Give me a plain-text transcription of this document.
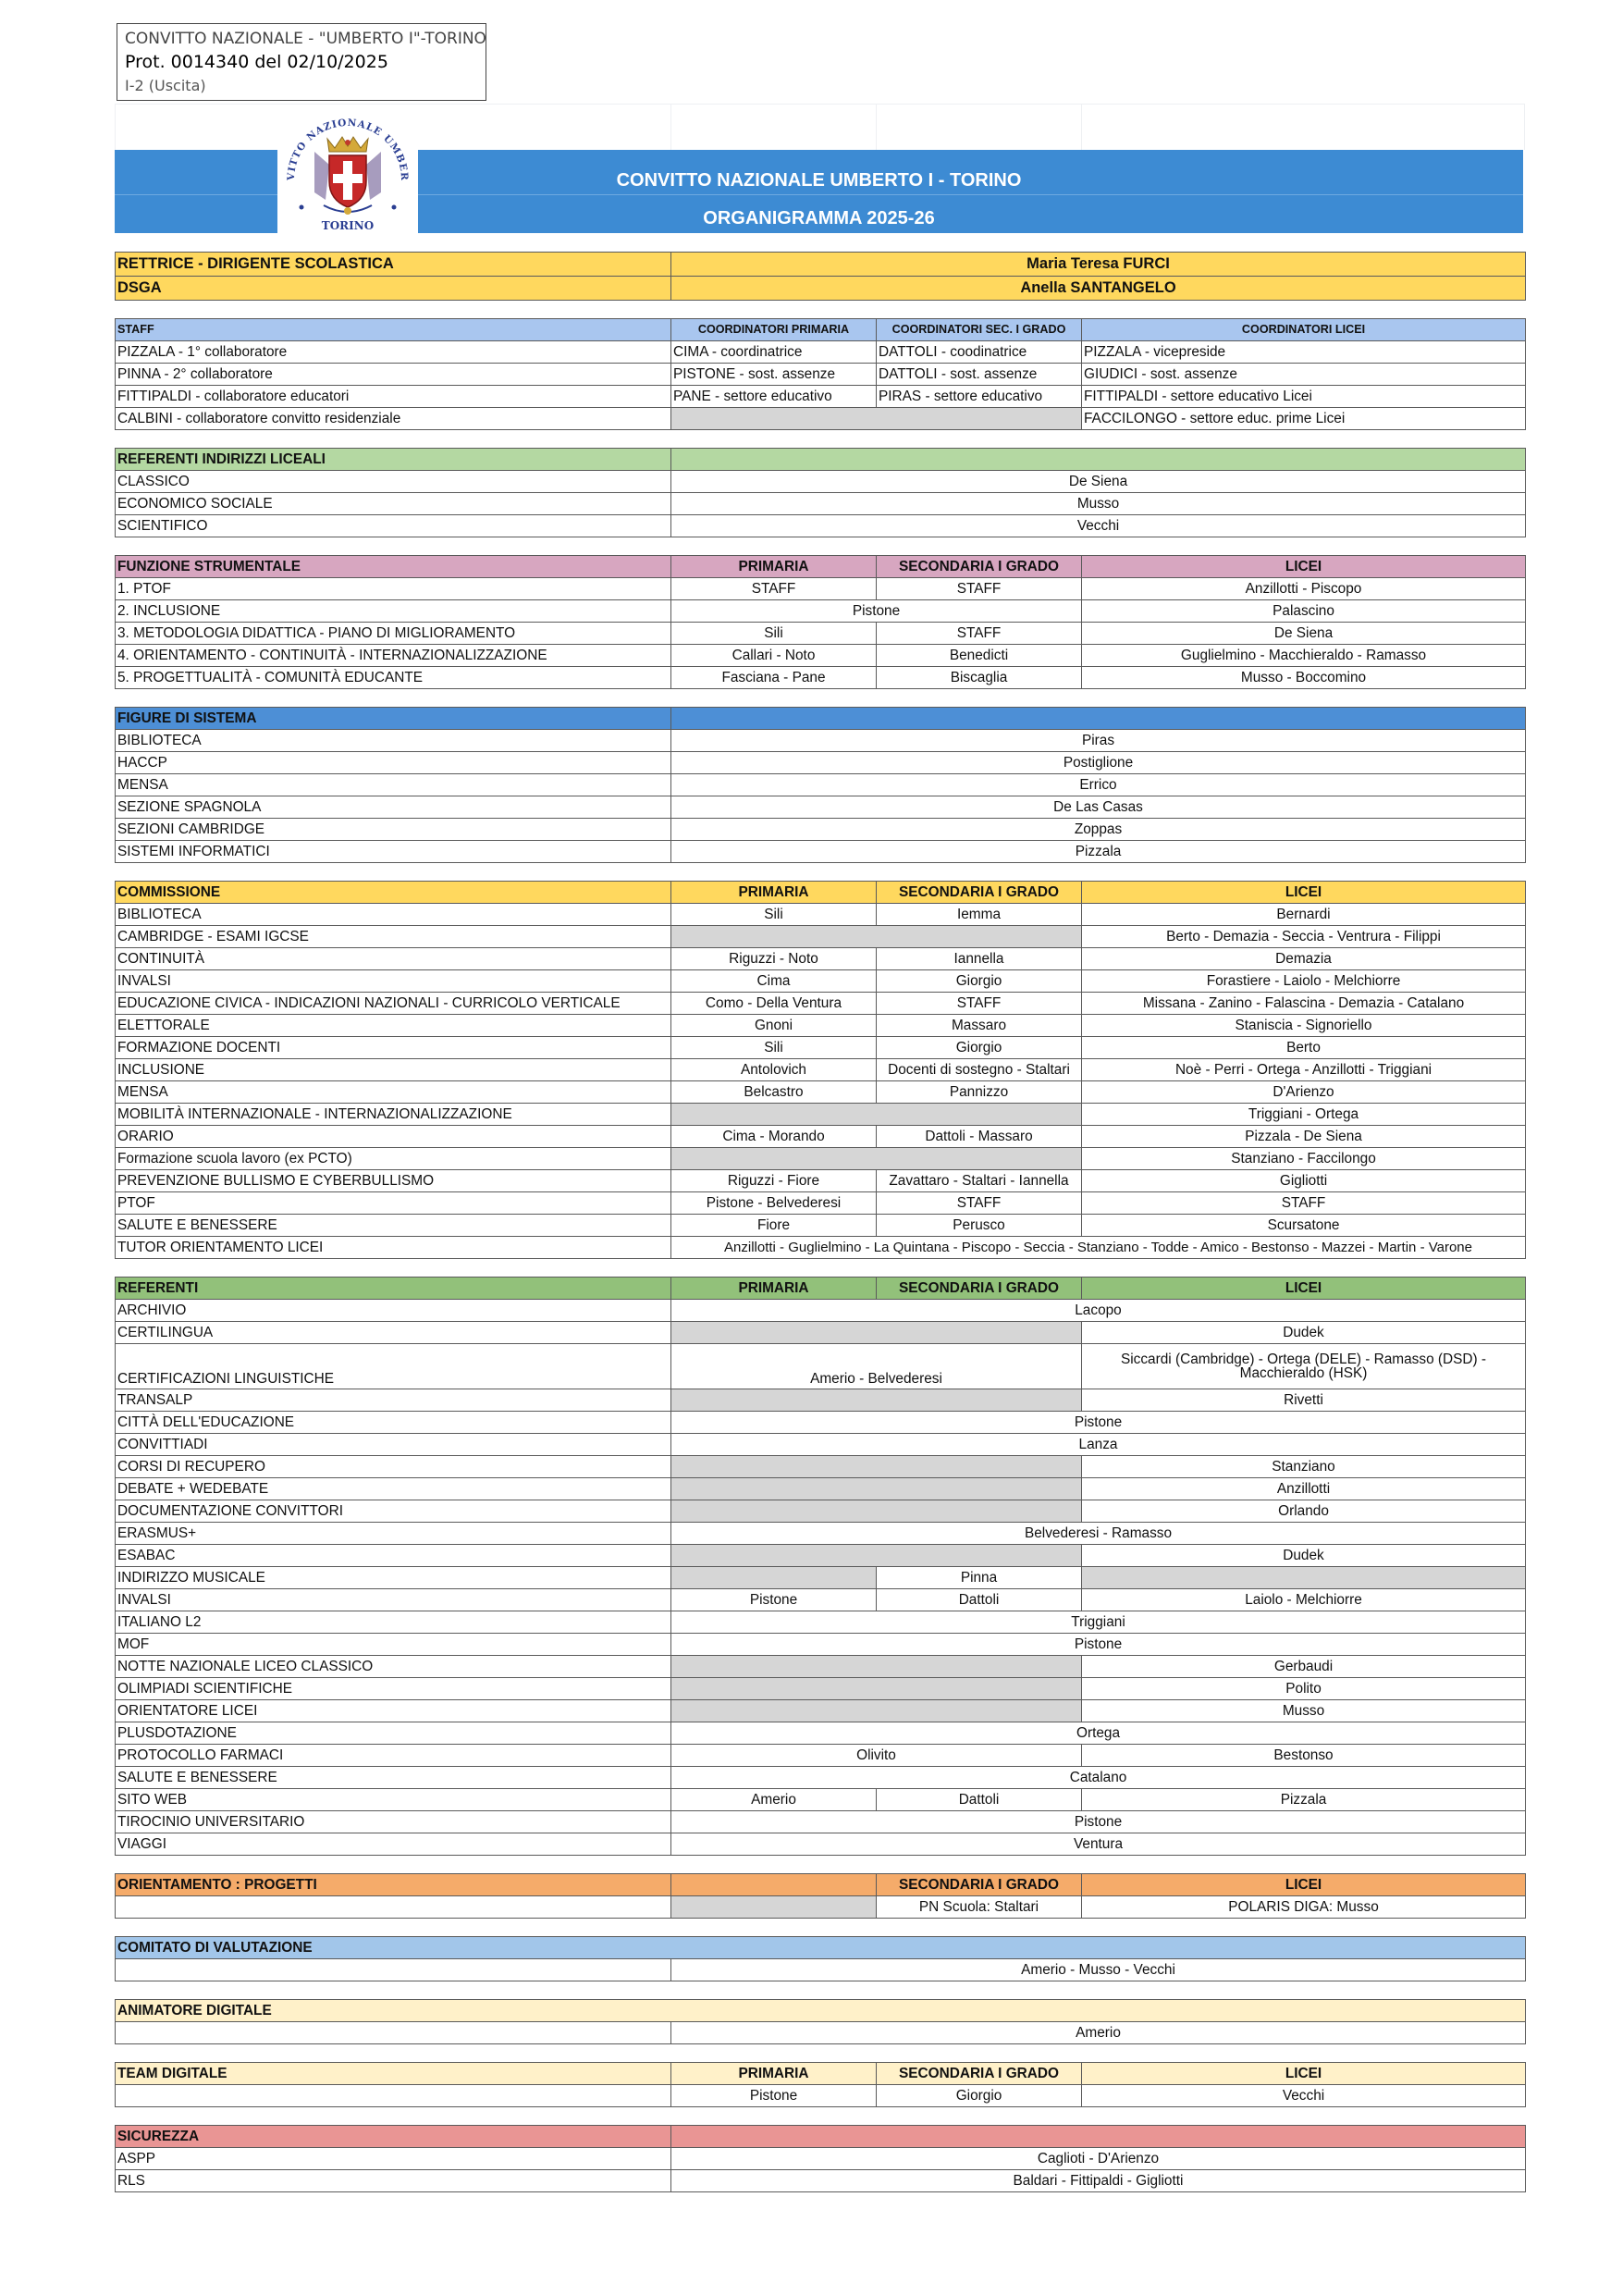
CONVITTO NAZIONALE - "UMBERTO I"-TORINO
Prot. 0014340 del 02/10/2025
I-2 (Uscita)
CONVITTO NAZIONALE UMBERTO I - TORINO
ORGANIGRAMMA 2025-26
VITTO NAZIONALE UMBER
TORINO
RETTRICE - DIRIGENTE SCOLASTICA	Maria Teresa FURCI		
DSGA	Anella SANTANGELO		

STAFF	COORDINATORI PRIMARIA	COORDINATORI SEC. I GRADO	COORDINATORI LICEI
PIZZALA - 1° collaboratore	CIMA - coordinatrice	DATTOLI - coodinatrice	PIZZALA - vicepreside
PINNA - 2° collaboratore	PISTONE - sost. assenze	DATTOLI - sost. assenze	GIUDICI - sost. assenze
FITTIPALDI - collaboratore educatori	PANE - settore educativo	PIRAS - settore educativo	FITTIPALDI - settore educativo Licei
CALBINI - collaboratore convitto residenziale			FACCILONGO - settore educ. prime Licei

REFERENTI INDIRIZZI LICEALI			
CLASSICO	De Siena		
ECONOMICO SOCIALE	Musso		
SCIENTIFICO	Vecchi		

FUNZIONE STRUMENTALE	PRIMARIA	SECONDARIA I GRADO	LICEI
1. PTOF	STAFF	STAFF	Anzillotti - Piscopo
2. INCLUSIONE	Pistone		Palascino
3. METODOLOGIA DIDATTICA - PIANO DI MIGLIORAMENTO	Sili	STAFF	De Siena
4. ORIENTAMENTO - CONTINUITÀ - INTERNAZIONALIZZAZIONE	Callari - Noto	Benedicti	Guglielmino - Macchieraldo - Ramasso
5. PROGETTUALITÀ - COMUNITÀ EDUCANTE	Fasciana - Pane	Biscaglia	Musso - Boccomino

FIGURE DI SISTEMA			
BIBLIOTECA	Piras		
HACCP	Postiglione		
MENSA	Errico		
SEZIONE SPAGNOLA	De Las Casas		
SEZIONI CAMBRIDGE	Zoppas		
SISTEMI INFORMATICI	Pizzala		

COMMISSIONE	PRIMARIA	SECONDARIA I GRADO	LICEI
BIBLIOTECA	Sili	Iemma	Bernardi
CAMBRIDGE - ESAMI IGCSE			Berto - Demazia - Seccia - Ventrura - Filippi
CONTINUITÀ	Riguzzi - Noto	Iannella	Demazia
INVALSI	Cima	Giorgio	Forastiere - Laiolo - Melchiorre
EDUCAZIONE CIVICA - INDICAZIONI NAZIONALI - CURRICOLO VERTICALE	Como - Della Ventura	STAFF	Missana - Zanino - Falascina - Demazia - Catalano
ELETTORALE	Gnoni	Massaro	Staniscia - Signoriello
FORMAZIONE DOCENTI	Sili	Giorgio	Berto
INCLUSIONE	Antolovich	Docenti di sostegno - Staltari	Noè - Perri - Ortega - Anzillotti - Triggiani
MENSA	Belcastro	Pannizzo	D'Arienzo
MOBILITÀ INTERNAZIONALE - INTERNAZIONALIZZAZIONE			Triggiani - Ortega
ORARIO	Cima - Morando	Dattoli - Massaro	Pizzala - De Siena
Formazione scuola lavoro (ex PCTO)			Stanziano - Faccilongo
PREVENZIONE BULLISMO E CYBERBULLISMO	Riguzzi - Fiore	Zavattaro - Staltari - Iannella	Gigliotti
PTOF	Pistone - Belvederesi	STAFF	STAFF
SALUTE E BENESSERE	Fiore	Perusco	Scursatone
TUTOR ORIENTAMENTO LICEI	Anzillotti - Guglielmino - La Quintana - Piscopo - Seccia - Stanziano - Todde - Amico - Bestonso - Mazzei - Martin - Varone		

REFERENTI	PRIMARIA	SECONDARIA I GRADO	LICEI
ARCHIVIO	Lacopo		
CERTILINGUA			Dudek
CERTIFICAZIONI LINGUISTICHE	Amerio - Belvederesi		Siccardi (Cambridge) - Ortega (DELE) - Ramasso (DSD) - Macchieraldo (HSK)
TRANSALP			Rivetti
CITTÀ DELL'EDUCAZIONE	Pistone		
CONVITTIADI	Lanza		
CORSI DI RECUPERO			Stanziano
DEBATE + WEDEBATE			Anzillotti
DOCUMENTAZIONE CONVITTORI			Orlando
ERASMUS+	Belvederesi - Ramasso		
ESABAC			Dudek
INDIRIZZO MUSICALE		Pinna	
INVALSI	Pistone	Dattoli	Laiolo - Melchiorre
ITALIANO L2	Triggiani		
MOF	Pistone		
NOTTE NAZIONALE LICEO CLASSICO			Gerbaudi
OLIMPIADI SCIENTIFICHE			Polito
ORIENTATORE LICEI			Musso
PLUSDOTAZIONE	Ortega		
PROTOCOLLO FARMACI	Olivito		Bestonso
SALUTE E BENESSERE	Catalano		
SITO WEB	Amerio	Dattoli	Pizzala
TIROCINIO UNIVERSITARIO	Pistone		
VIAGGI	Ventura		

ORIENTAMENTO : PROGETTI		SECONDARIA I GRADO	LICEI
		PN Scuola: Staltari	POLARIS DIGA: Musso

COMITATO DI VALUTAZIONE			
	Amerio - Musso - Vecchi		

ANIMATORE DIGITALE			
	Amerio		

TEAM DIGITALE	PRIMARIA	SECONDARIA I GRADO	LICEI
	Pistone	Giorgio	Vecchi

SICUREZZA			
ASPP	Caglioti - D'Arienzo		
RLS	Baldari - Fittipaldi - Gigliotti		
